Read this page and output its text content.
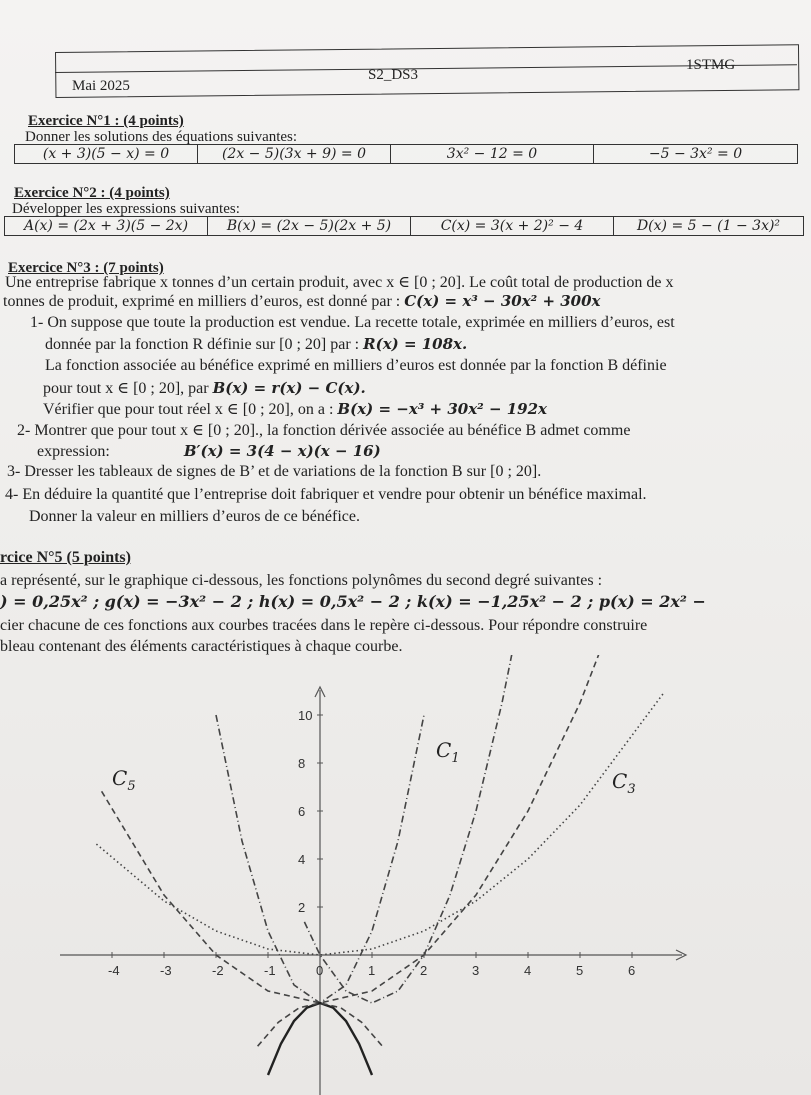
Mai 2025
S2_DS3
1STMG
Exercice N°1 : (4 points)
Donner les solutions des équations suivantes:
(x + 3)(5 − x) = 0	(2x − 5)(3x + 9) = 0	3x² − 12 = 0	−5 − 3x² = 0
Exercice N°2 : (4 points)
Développer les expressions suivantes:
A(x) = (2x + 3)(5 − 2x)	B(x) = (2x − 5)(2x + 5)	C(x) = 3(x + 2)² − 4	D(x) = 5 − (1 − 3x)²
Exercice N°3 : (7 points)
Une entreprise fabrique x tonnes d’un certain produit, avec x ∈ [0 ; 20]. Le coût total de production de x
tonnes de produit, exprimé en milliers d’euros, est donné par : C(x) = x³ − 30x² + 300x
1- On suppose que toute la production est vendue. La recette totale, exprimée en milliers d’euros, est
donnée par la fonction R définie sur [0 ; 20] par : R(x) = 108x.
La fonction associée au bénéfice exprimé en milliers d’euros est donnée par la fonction B définie
pour tout x ∈ [0 ; 20], par B(x) = r(x) − C(x).
Vérifier que pour tout réel x ∈ [0 ; 20], on a : B(x) = −x³ + 30x² − 192x
2- Montrer que pour tout x ∈ [0 ; 20]., la fonction dérivée associée au bénéfice B admet comme
expression:	B′(x) = 3(4 − x)(x − 16)
3- Dresser les tableaux de signes de B’ et de variations de la fonction B sur [0 ; 20].
4- En déduire la quantité que l’entreprise doit fabriquer et vendre pour obtenir un bénéfice maximal.
Donner la valeur en milliers d’euros de ce bénéfice.
rcice N°5 (5 points)
a représenté, sur le graphique ci-dessous, les fonctions polynômes du second degré suivantes :
) = 0,25x² ; g(x) = −3x² − 2 ; h(x) = 0,5x² − 2 ; k(x) = −1,25x² − 2 ; p(x) = 2x² −
cier chacune de ces fonctions aux courbes tracées dans le repère ci-dessous. Pour répondre construire
bleau contenant des éléments caractéristiques à chaque courbe.
-4	-3	-2	-1	0	1	2	3	4	5	6
2
4
6
8
10
$C_5$
$C_1$
$C_3$
